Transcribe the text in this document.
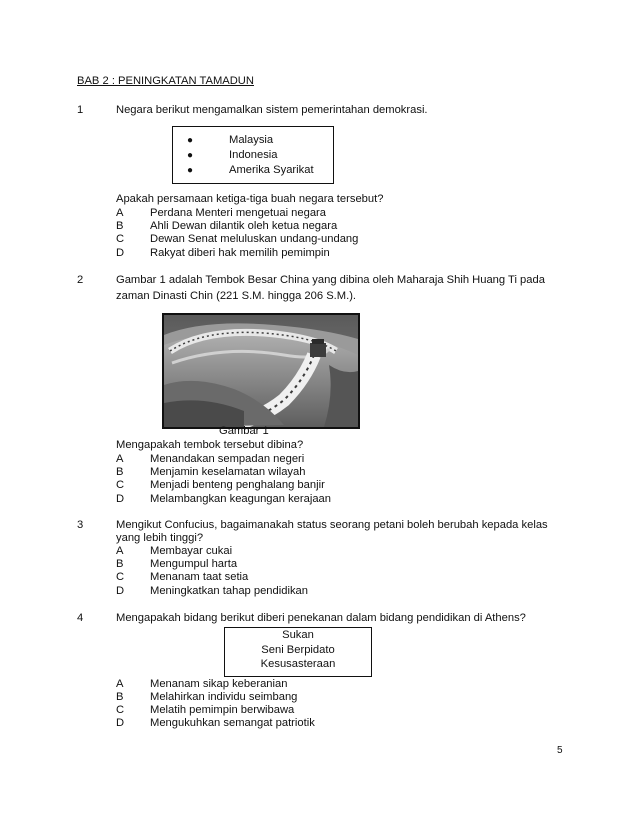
BAB 2 : PENINGKATAN TAMADUN
1	Negara berikut mengamalkan sistem pemerintahan demokrasi.
●	Malaysia
●	Indonesia
●	Amerika Syarikat
Apakah persamaan ketiga-tiga buah negara tersebut?
A Perdana Menteri mengetuai negara
B Ahli Dewan dilantik oleh ketua negara
C Dewan Senat meluluskan undang-undang
D Rakyat diberi hak memilih pemimpin
2	Gambar 1 adalah Tembok Besar China yang dibina oleh Maharaja Shih Huang Ti pada
zaman Dinasti Chin (221 S.M. hingga 206 S.M.).
Gambar 1
Mengapakah tembok tersebut dibina?
A Menandakan sempadan negeri
B Menjamin keselamatan wilayah
C Menjadi benteng penghalang banjir
D Melambangkan keagungan kerajaan
3	Mengikut Confucius, bagaimanakah status seorang petani boleh berubah kepada kelas
yang lebih tinggi?
A Membayar cukai
B Mengumpul harta
C Menanam taat setia
D Meningkatkan tahap pendidikan
4	Mengapakah bidang berikut diberi penekanan dalam bidang pendidikan di Athens?
Sukan
Seni Berpidato
Kesusasteraan
A Menanam sikap keberanian
B Melahirkan individu seimbang
C Melatih pemimpin berwibawa
D Mengukuhkan semangat patriotik
5
